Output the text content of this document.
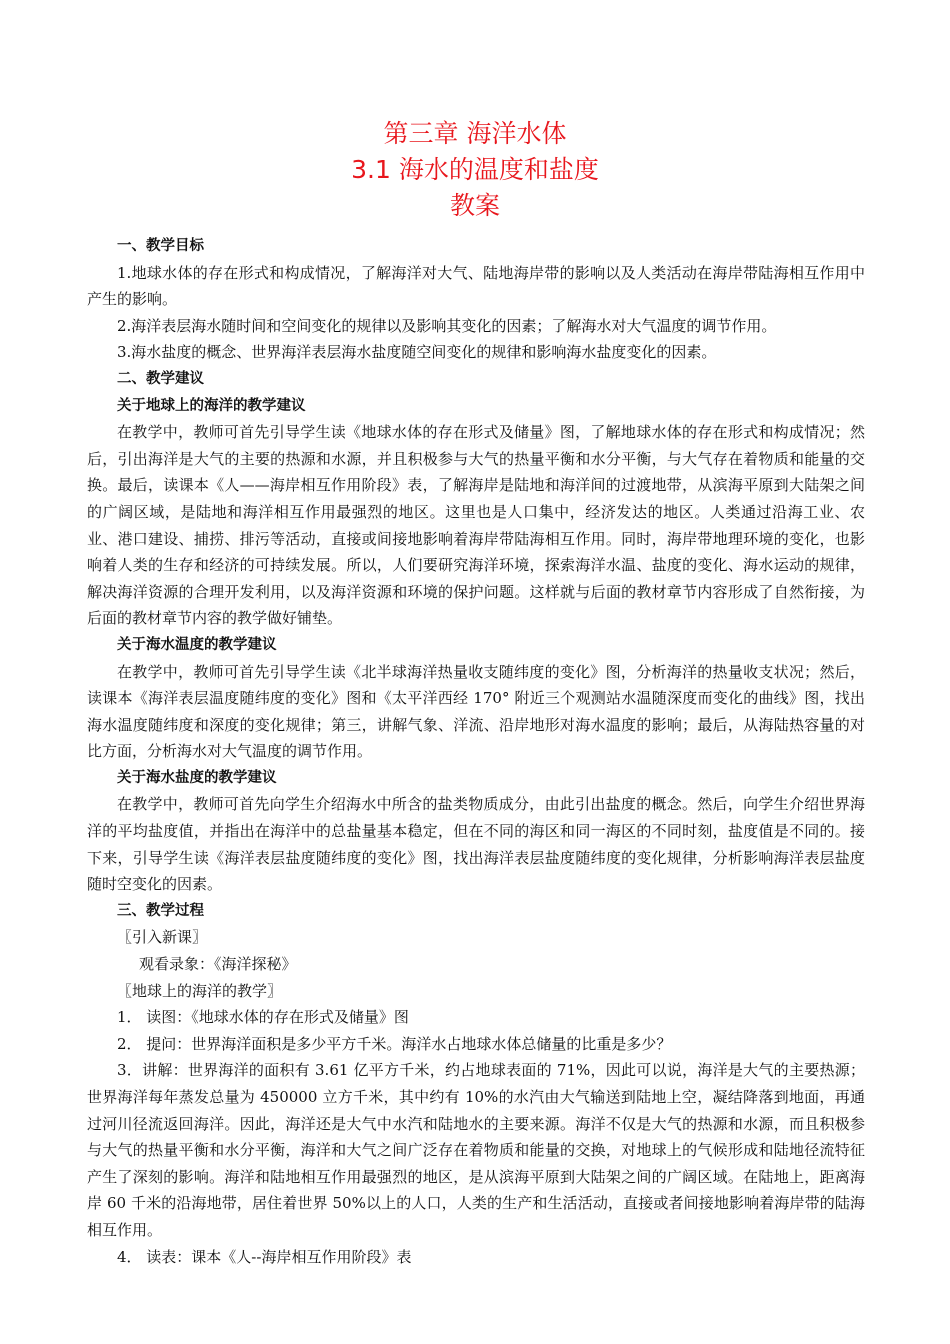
第三章 海洋水体
3.1 海水的温度和盐度
教案

一、教学目标

1.地球水体的存在形式和构成情况，了解海洋对大气、陆地海岸带的影响以及人类活动在海岸带陆海相互作用中产生的影响。

2.海洋表层海水随时间和空间变化的规律以及影响其变化的因素；了解海水对大气温度的调节作用。

3.海水盐度的概念、世界海洋表层海水盐度随空间变化的规律和影响海水盐度变化的因素。

二、教学建议

关于地球上的海洋的教学建议

在教学中，教师可首先引导学生读《地球水体的存在形式及储量》图，了解地球水体的存在形式和构成情况；然后，引出海洋是大气的主要的热源和水源，并且积极参与大气的热量平衡和水分平衡，与大气存在着物质和能量的交换。最后，读课本《人——海岸相互作用阶段》表，了解海岸是陆地和海洋间的过渡地带，从滨海平原到大陆架之间的广阔区域，是陆地和海洋相互作用最强烈的地区。这里也是人口集中，经济发达的地区。人类通过沿海工业、农业、港口建设、捕捞、排污等活动，直接或间接地影响着海岸带陆海相互作用。同时，海岸带地理环境的变化，也影响着人类的生存和经济的可持续发展。所以，人们要研究海洋环境，探索海洋水温、盐度的变化、海水运动的规律，解决海洋资源的合理开发利用，以及海洋资源和环境的保护问题。这样就与后面的教材章节内容形成了自然衔接，为后面的教材章节内容的教学做好铺垫。

关于海水温度的教学建议

在教学中，教师可首先引导学生读《北半球海洋热量收支随纬度的变化》图，分析海洋的热量收支状况；然后，读课本《海洋表层温度随纬度的变化》图和《太平洋西经 170° 附近三个观测站水温随深度而变化的曲线》图，找出海水温度随纬度和深度的变化规律；第三，讲解气象、洋流、沿岸地形对海水温度的影响；最后，从海陆热容量的对比方面，分析海水对大气温度的调节作用。

关于海水盐度的教学建议

在教学中，教师可首先向学生介绍海水中所含的盐类物质成分，由此引出盐度的概念。然后，向学生介绍世界海洋的平均盐度值，并指出在海洋中的总盐量基本稳定，但在不同的海区和同一海区的不同时刻，盐度值是不同的。接下来，引导学生读《海洋表层盐度随纬度的变化》图，找出海洋表层盐度随纬度的变化规律，分析影响海洋表层盐度随时空变化的因素。

三、教学过程

〖引入新课〗

观看录象：《海洋探秘》

〖地球上的海洋的教学〗

1． 读图：《地球水体的存在形式及储量》图

2． 提问：世界海洋面积是多少平方千米。海洋水占地球水体总储量的比重是多少？

3．讲解：世界海洋的面积有 3.61 亿平方千米，约占地球表面的 71%，因此可以说，海洋是大气的主要热源；世界海洋每年蒸发总量为 450000 立方千米，其中约有 10%的水汽由大气输送到陆地上空，凝结降落到地面，再通过河川径流返回海洋。因此，海洋还是大气中水汽和陆地水的主要来源。海洋不仅是大气的热源和水源，而且积极参与大气的热量平衡和水分平衡，海洋和大气之间广泛存在着物质和能量的交换，对地球上的气候形成和陆地径流特征产生了深刻的影响。海洋和陆地相互作用最强烈的地区，是从滨海平原到大陆架之间的广阔区域。在陆地上，距离海岸 60 千米的沿海地带，居住着世界 50%以上的人口，人类的生产和生活活动，直接或者间接地影响着海岸带的陆海相互作用。

4． 读表：课本《人--海岸相互作用阶段》表
